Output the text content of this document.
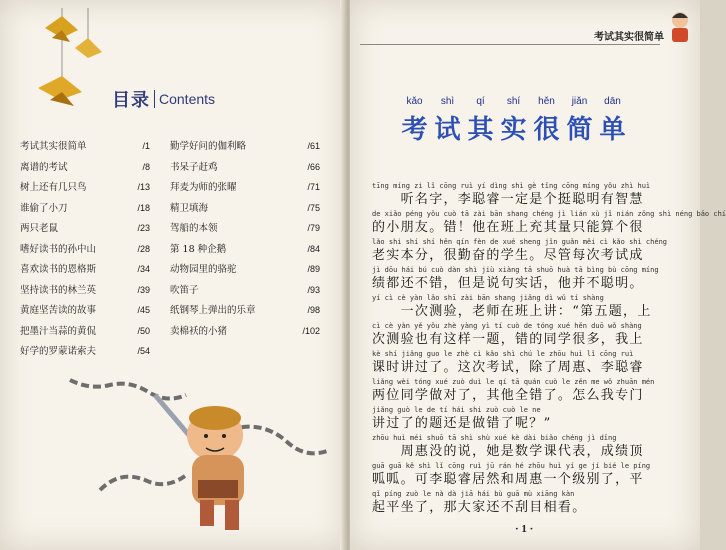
目录 Contents
考试其实很简单	/1
离谱的考试	/8
树上还有几只鸟	/13
谁偷了小刀	/18
两只老鼠	/23
嗜好读书的孙中山	/28
喜欢读书的恩格斯	/34
坚持读书的林兰英	/39
黄庭坚苦读的故事	/45
把墨汁当蒜的黄侃	/50
好学的罗蒙诺索夫	/54
勤学好问的伽利略	/61
书呆子赶鸡	/66
拜麦为师的张曜	/71
精卫填海	/75
驾船的本领	/79
第 18 种企鹅	/84
动物园里的骆驼	/89
吹笛子	/93
纸钢琴上弹出的乐章	/98
卖棉袄的小猪	/102
考试其实很简单
kǎo	shì	qí	shí	hěn	jiǎn	dān
考 试 其 实 很 简 单
tīng míng zi lǐ cōng ruì yí dìng shì gè tǐng cōng míng yǒu zhì huì
　　听名字，李聪睿一定是个挺聪明有智慧
de xiǎo péng yǒu cuò tā zài bān shang chéng jì lián xù jǐ nián zǒng shì néng bǎo chí
的小朋友。错！他在班上充其量只能算个很
lǎo shi shí shí hěn qín fèn de xué sheng jǐn guǎn měi cì kǎo shì chéng
老实本分，很勤奋的学生。尽管每次考试成
jì dōu hái bú cuò dàn shì jiù xiàng tā shuō huà tā bìng bù cōng míng
绩都还不错，但是说句实话，他并不聪明。
yí cì cè yàn lǎo shī zài bān shang jiǎng dì wǔ tí shàng
　　一次测验，老师在班上讲：“第五题，上
cì cè yàn yě yǒu zhè yàng yì tí cuò de tóng xué hěn duō wǒ shàng
次测验也有这样一题，错的同学很多，我上
kè shí jiǎng guo le zhè cì kǎo shì chú le zhōu huì lǐ cōng ruì
课时讲过了。这次考试，除了周惠、李聪睿
liǎng wèi tóng xué zuò duì le qí tā quán cuò le zěn me wǒ zhuān mén
两位同学做对了，其他全错了。怎么我专门
jiǎng guò le de tí hái shi zuò cuò le ne
讲过了的题还是做错了呢？”
zhōu huì méi shuō tā shì shù xué kè dài biǎo chéng jì dǐng
　　周惠没的说，她是数学课代表，成绩顶
guā guā kě shì lǐ cōng ruì jū rán hé zhōu huì yí ge jí bié le píng
呱呱。可李聪睿居然和周惠一个级别了，平
qǐ píng zuò le nà dà jiā hái bù guā mù xiāng kàn
起平坐了，那大家还不刮目相看。
· 1 ·
